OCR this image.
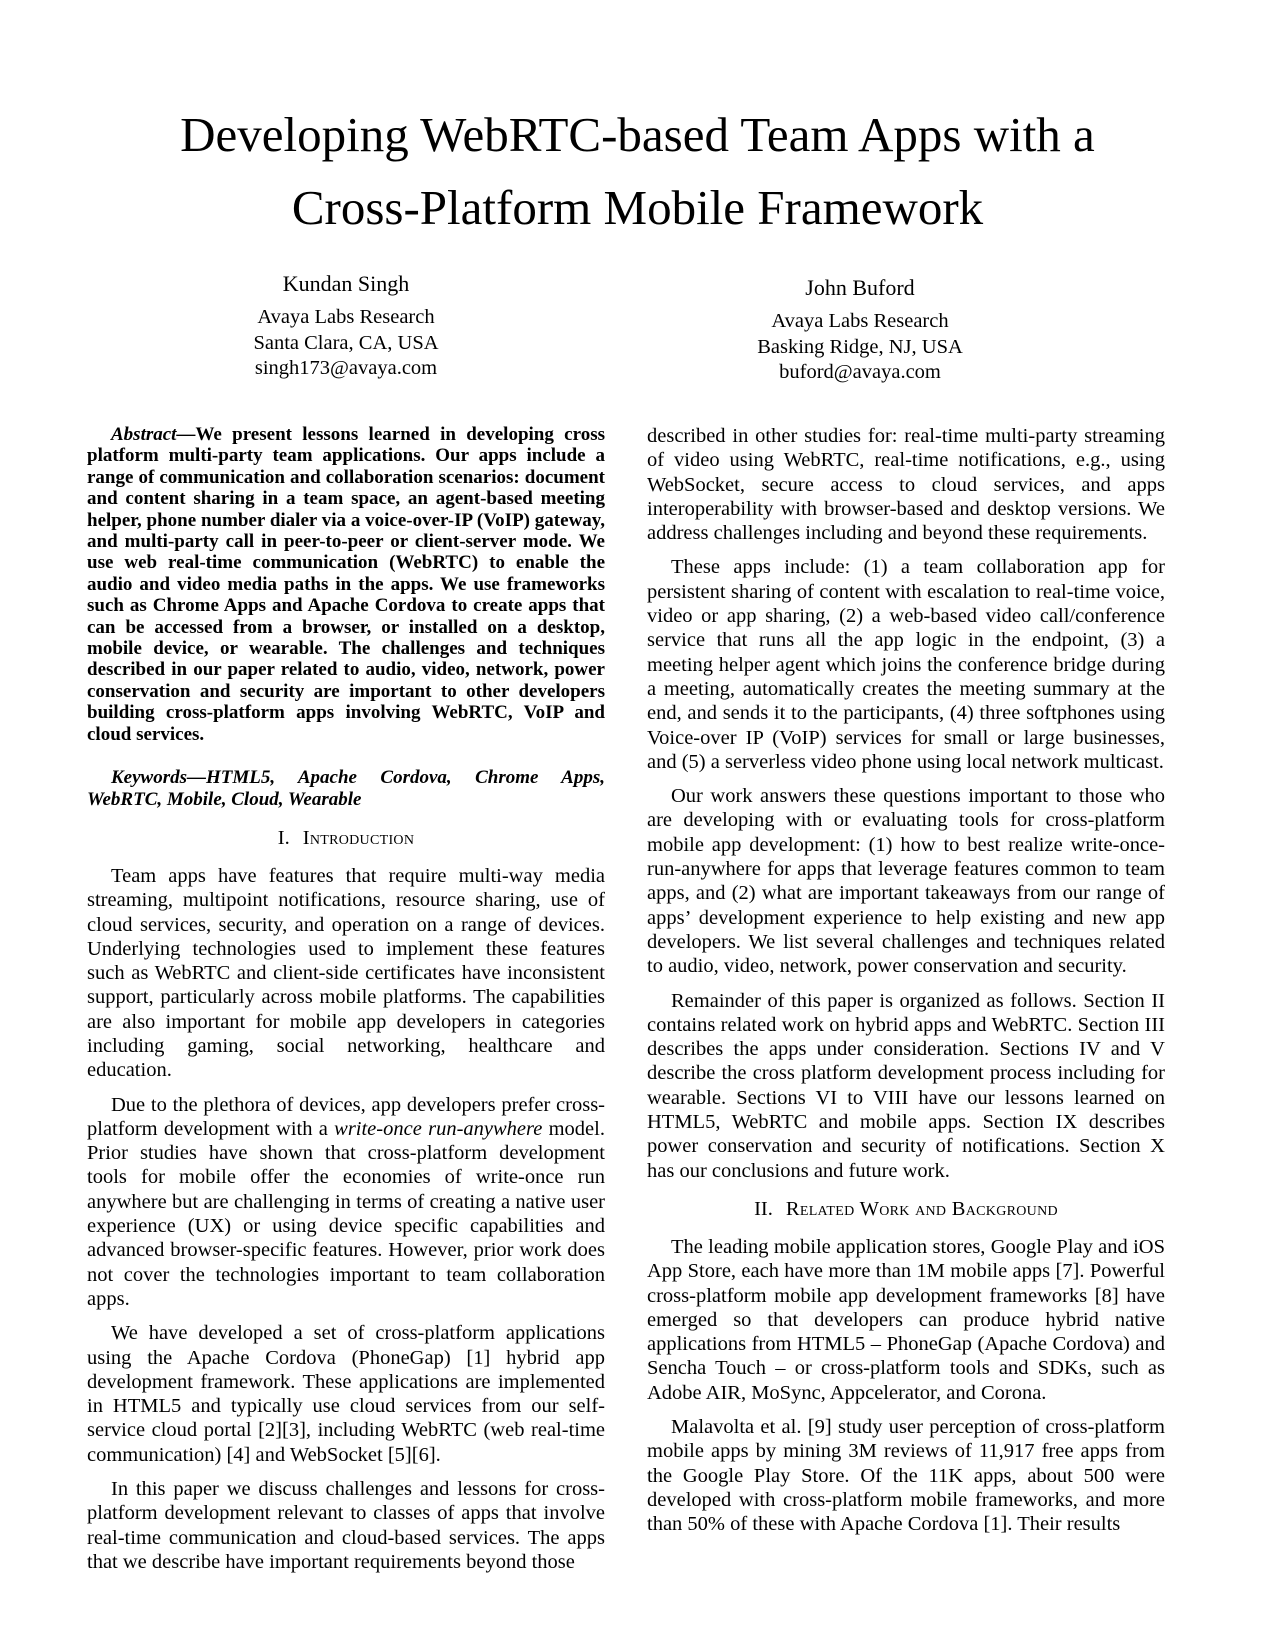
Developing WebRTC-based Team Apps with a
Cross-Platform Mobile Framework
Kundan Singh
Avaya Labs Research
Santa Clara, CA, USA
singh173@avaya.com
John Buford
Avaya Labs Research
Basking Ridge, NJ, USA
buford@avaya.com

Abstract—We present lessons learned in developing cross platform multi-party team applications. Our apps include a range of communication and collaboration scenarios: document and content sharing in a team space, an agent-based meeting helper, phone number dialer via a voice-over-IP (VoIP) gateway, and multi-party call in peer-to-peer or client-server mode. We use web real-time communication (WebRTC) to enable the audio and video media paths in the apps. We use frameworks such as Chrome Apps and Apache Cordova to create apps that can be accessed from a browser, or installed on a desktop, mobile device, or wearable. The challenges and techniques described in our paper related to audio, video, network, power conservation and security are important to other developers building cross-platform apps involving WebRTC, VoIP and cloud services.

Keywords—HTML5, Apache Cordova, Chrome Apps, WebRTC, Mobile, Cloud, Wearable

I. Introduction

Team apps have features that require multi-way media streaming, multipoint notifications, resource sharing, use of cloud services, security, and operation on a range of devices. Underlying technologies used to implement these features such as WebRTC and client-side certificates have inconsistent support, particularly across mobile platforms. The capabilities are also important for mobile app developers in categories including gaming, social networking, healthcare and education.

Due to the plethora of devices, app developers prefer cross-platform development with a write-once run-anywhere model. Prior studies have shown that cross-platform development tools for mobile offer the economies of write-once run anywhere but are challenging in terms of creating a native user experience (UX) or using device specific capabilities and advanced browser-specific features. However, prior work does not cover the technologies important to team collaboration apps.

We have developed a set of cross-platform applications using the Apache Cordova (PhoneGap) [1] hybrid app development framework. These applications are implemented in HTML5 and typically use cloud services from our self-service cloud portal [2][3], including WebRTC (web real-time communication) [4] and WebSocket [5][6].

In this paper we discuss challenges and lessons for cross-platform development relevant to classes of apps that involve real-time communication and cloud-based services. The apps that we describe have important requirements beyond those

described in other studies for: real-time multi-party streaming of video using WebRTC, real-time notifications, e.g., using WebSocket, secure access to cloud services, and apps interoperability with browser-based and desktop versions. We address challenges including and beyond these requirements.

These apps include: (1) a team collaboration app for persistent sharing of content with escalation to real-time voice, video or app sharing, (2) a web-based video call/conference service that runs all the app logic in the endpoint, (3) a meeting helper agent which joins the conference bridge during a meeting, automatically creates the meeting summary at the end, and sends it to the participants, (4) three softphones using Voice-over IP (VoIP) services for small or large businesses, and (5) a serverless video phone using local network multicast.

Our work answers these questions important to those who are developing with or evaluating tools for cross-platform mobile app development: (1) how to best realize write-once-run-anywhere for apps that leverage features common to team apps, and (2) what are important takeaways from our range of apps’ development experience to help existing and new app developers. We list several challenges and techniques related to audio, video, network, power conservation and security.

Remainder of this paper is organized as follows. Section II contains related work on hybrid apps and WebRTC. Section III describes the apps under consideration. Sections IV and V describe the cross platform development process including for wearable. Sections VI to VIII have our lessons learned on HTML5, WebRTC and mobile apps. Section IX describes power conservation and security of notifications. Section X has our conclusions and future work.

II. Related Work and Background

The leading mobile application stores, Google Play and iOS App Store, each have more than 1M mobile apps [7]. Powerful cross-platform mobile app development frameworks [8] have emerged so that developers can produce hybrid native applications from HTML5 – PhoneGap (Apache Cordova) and Sencha Touch – or cross-platform tools and SDKs, such as Adobe AIR, MoSync, Appcelerator, and Corona.

Malavolta et al. [9] study user perception of cross-platform mobile apps by mining 3M reviews of 11,917 free apps from the Google Play Store. Of the 11K apps, about 500 were developed with cross-platform mobile frameworks, and more than 50% of these with Apache Cordova [1]. Their results
